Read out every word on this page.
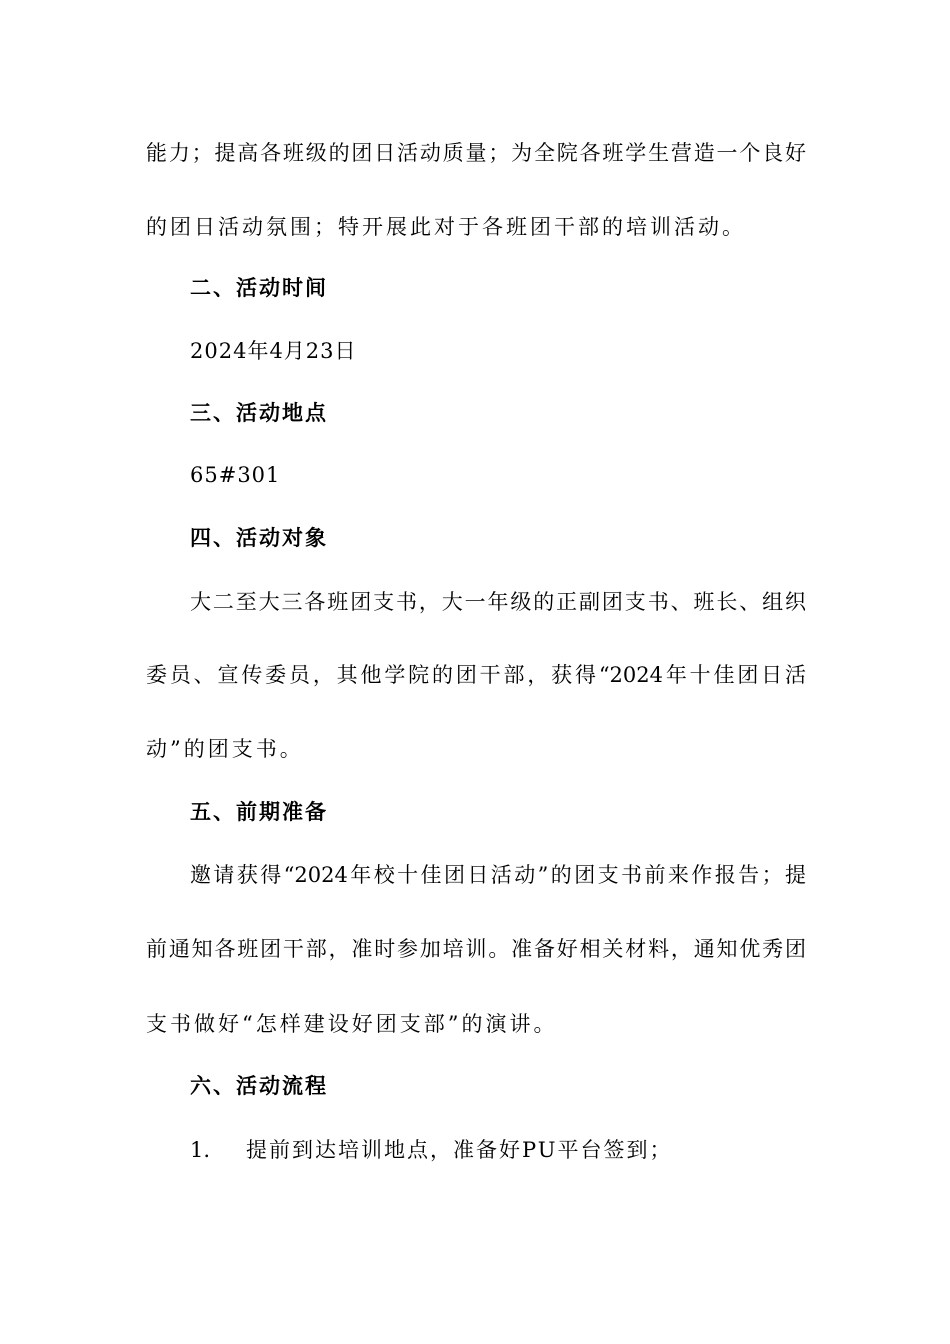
能力；提高各班级的团日活动质量；为全院各班学生营造一个良好
的团日活动氛围；特开展此对于各班团干部的培训活动。
二、活动时间
2024年4月23日
三、活动地点
65#301
四、活动对象
大二至大三各班团支书，大一年级的正副团支书、班长、组织
委员、宣传委员，其他学院的团干部，获得“2024年十佳团日活
动”的团支书。
五、前期准备
邀请获得“2024年校十佳团日活动”的团支书前来作报告；提
前通知各班团干部，准时参加培训。准备好相关材料，通知优秀团
支书做好“怎样建设好团支部”的演讲。
六、活动流程
1. 提前到达培训地点，准备好PU平台签到；
